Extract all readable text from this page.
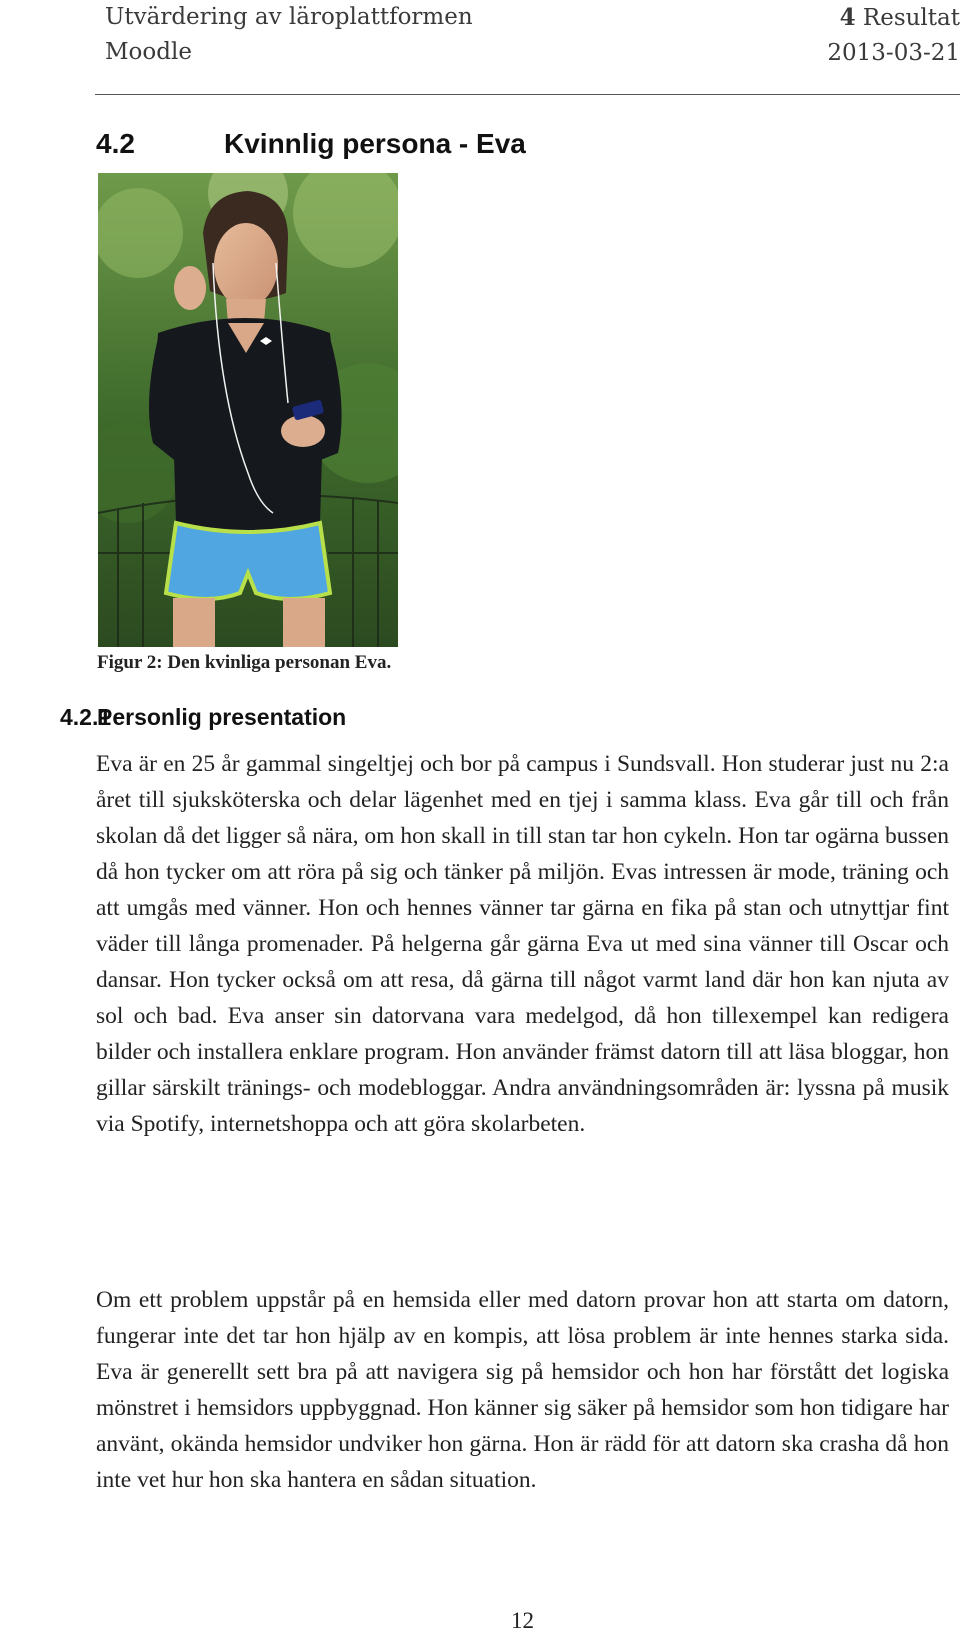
Utvärdering av läroplattformen
Moodle
4 Resultat
2013-03-21
4.2	Kvinnlig persona - Eva
Figur 2: Den kvinliga personan Eva.
4.2.1Personlig presentation

Eva är en 25 år gammal singeltjej och bor på campus i Sundsvall. Hon studerar just nu 2:a året till sjuksköterska och delar lägenhet med en tjej i samma klass. Eva går till och från skolan då det ligger så nära, om hon skall in till stan tar hon cykeln. Hon tar ogärna bussen då hon tycker om att röra på sig och tänker på miljön. Evas intressen är mode, träning och att umgås med vänner. Hon och hennes vänner tar gärna en fika på stan och utnyttjar fint väder till långa promenader. På helgerna går gärna Eva ut med sina vänner till Oscar och dansar. Hon tycker också om att resa, då gärna till något varmt land där hon kan njuta av sol och bad. Eva anser sin datorvana vara medelgod, då hon tillexempel kan redigera bilder och installera enklare program. Hon använder främst datorn till att läsa bloggar, hon gillar särskilt tränings- och modebloggar. Andra användningsområden är: lyssna på musik via Spotify, internetshoppa och att göra skolarbeten.

Om ett problem uppstår på en hemsida eller med datorn provar hon att starta om datorn, fungerar inte det tar hon hjälp av en kompis, att lösa problem är inte hennes starka sida. Eva är generellt sett bra på att navigera sig på hemsidor och hon har förstått det logiska mönstret i hemsidors uppbyggnad. Hon känner sig säker på hemsidor som hon tidigare har använt, okända hemsidor undviker hon gärna. Hon är rädd för att datorn ska crasha då hon inte vet hur hon ska hantera en sådan situation.

12
